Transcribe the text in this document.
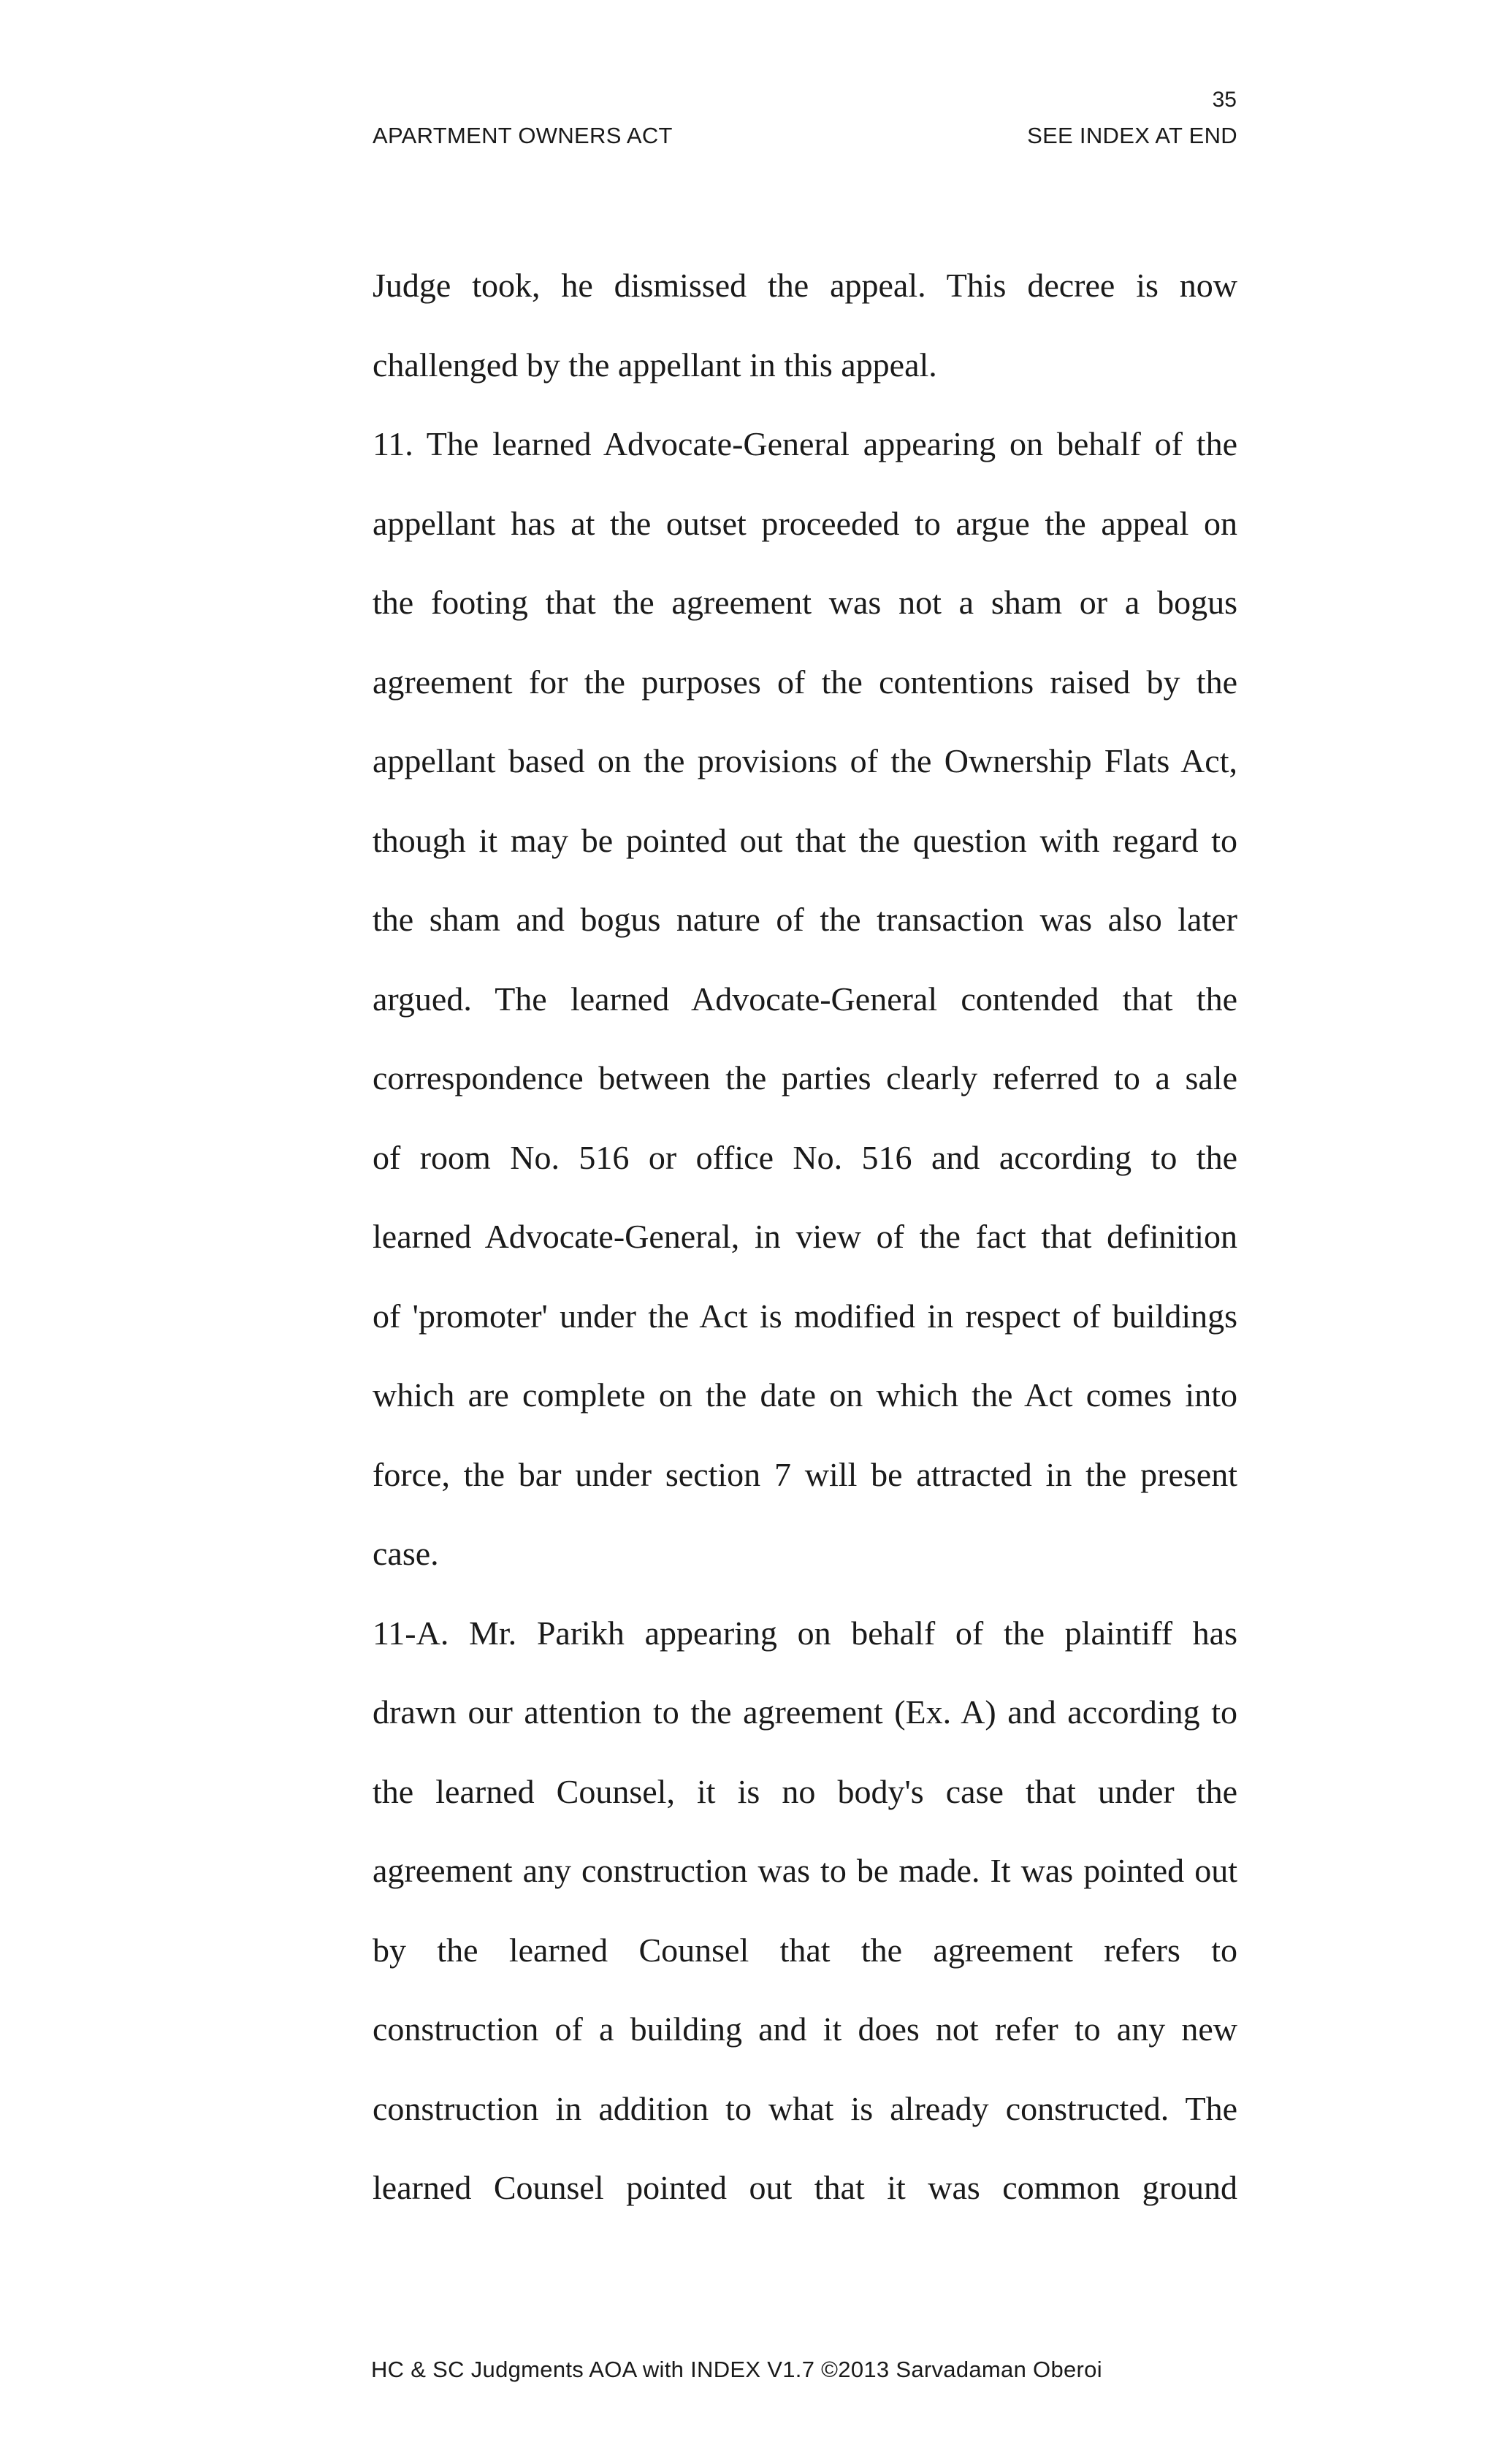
35
APARTMENT OWNERS ACT	SEE INDEX AT END
Judge took, he dismissed the appeal. This decree is now
challenged by the appellant in this appeal.
11. The learned Advocate-General appearing on behalf of the
appellant has at the outset proceeded to argue the appeal on
the footing that the agreement was not a sham or a bogus
agreement for the purposes of the contentions raised by the
appellant based on the provisions of the Ownership Flats Act,
though it may be pointed out that the question with regard to
the sham and bogus nature of the transaction was also later
argued. The learned Advocate-General contended that the
correspondence between the parties clearly referred to a sale
of room No. 516 or office No. 516 and according to the
learned Advocate-General, in view of the fact that definition
of 'promoter' under the Act is modified in respect of buildings
which are complete on the date on which the Act comes into
force, the bar under section 7 will be attracted in the present
case.
11-A. Mr. Parikh appearing on behalf of the plaintiff has
drawn our attention to the agreement (Ex. A) and according to
the learned Counsel, it is no body's case that under the
agreement any construction was to be made. It was pointed out
by the learned Counsel that the agreement refers to
construction of a building and it does not refer to any new
construction in addition to what is already constructed. The
learned Counsel pointed out that it was common ground
HC & SC Judgments AOA with INDEX V1.7 ©2013 Sarvadaman Oberoi
